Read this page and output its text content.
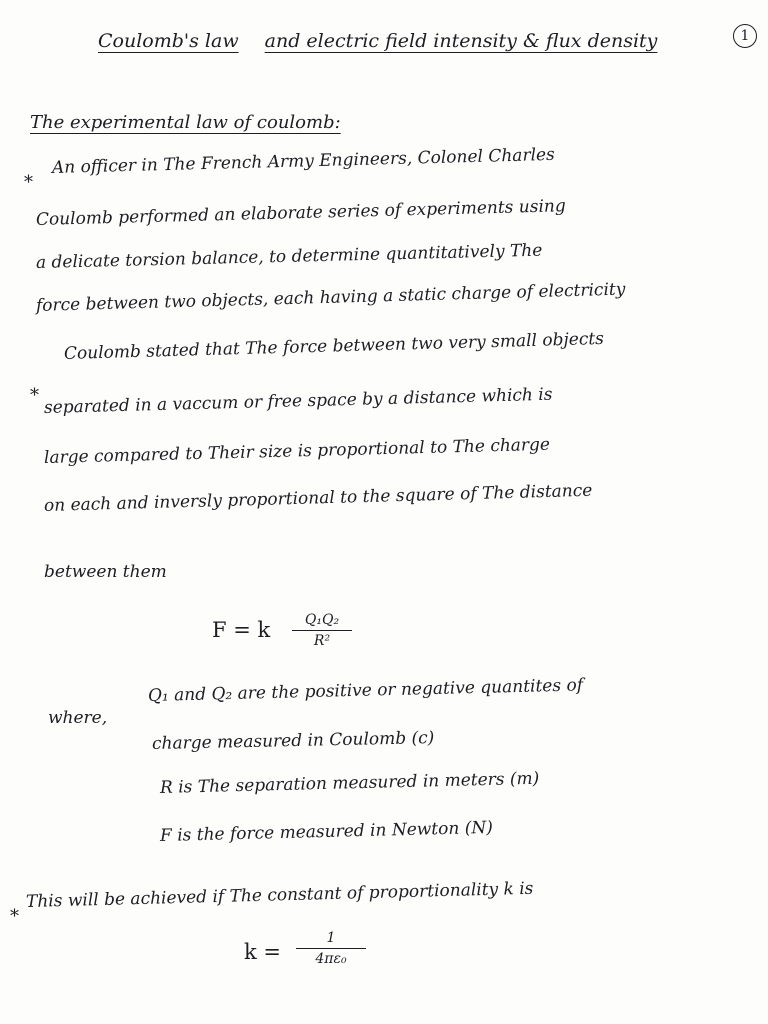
Coulomb's law and electric field intensity & flux density	1
The experimental law of coulomb:
*
An officer in The French Army Engineers, Colonel Charles
Coulomb performed an elaborate series of experiments using
a delicate torsion balance, to determine quantitatively The
force between two objects, each having a static charge of electricity
*
Coulomb stated that The force between two very small objects
separated in a vaccum or free space by a distance which is
large compared to Their size is proportional to The charge
on each and inversly proportional to the square of The distance
between them
F = k	Q₁Q₂
R²
where,
Q₁ and Q₂ are the positive or negative quantites of
charge measured in Coulomb (c)
R is The separation measured in meters (m)
F is the force measured in Newton (N)
*
This will be achieved if The constant of proportionality k is
k =
1
4πε₀
